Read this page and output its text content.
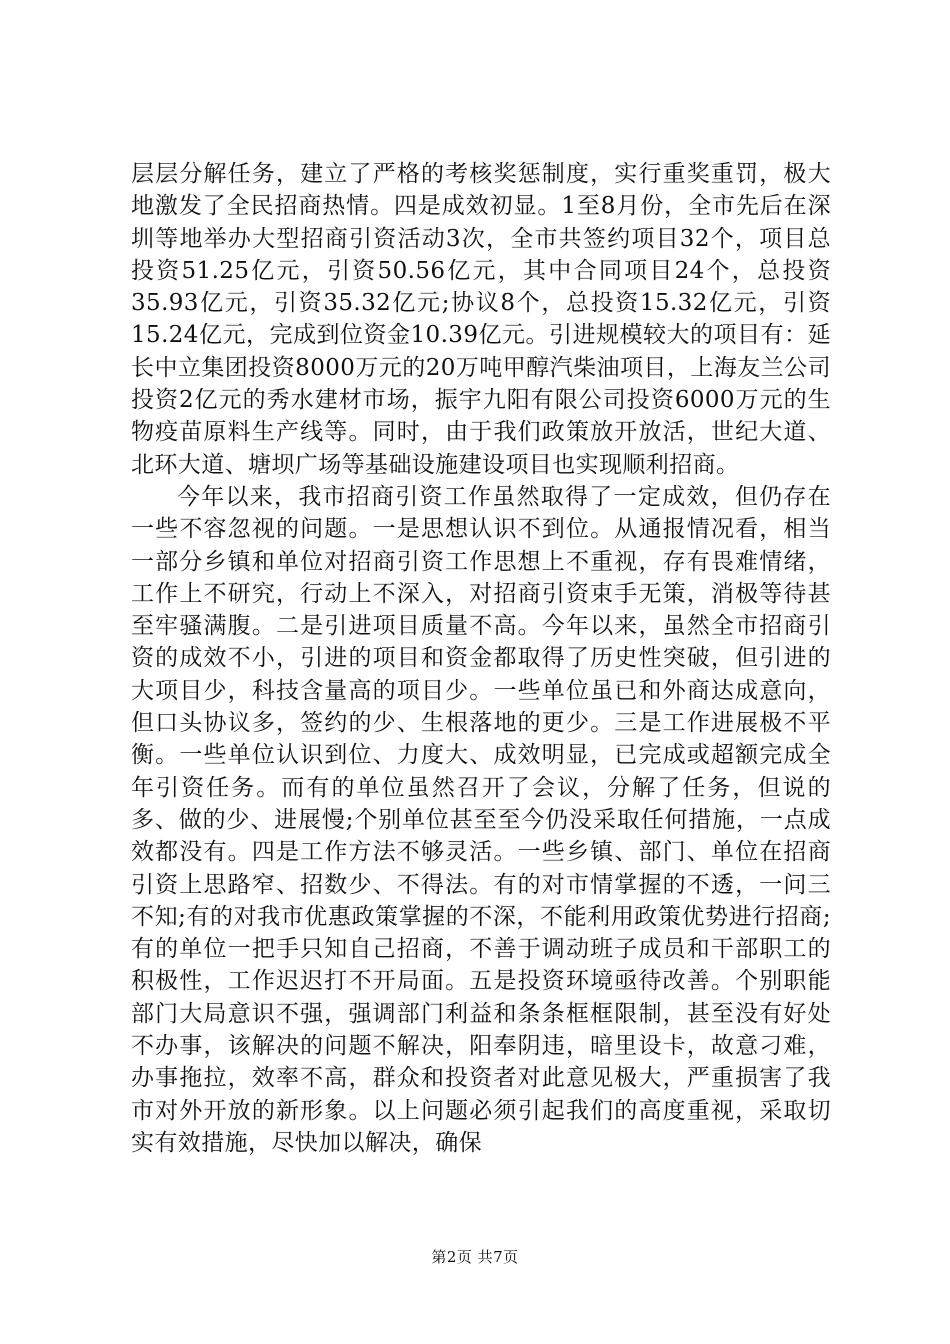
层层分解任务，建立了严格的考核奖惩制度，实行重奖重罚，极大地激发了全民招商热情。四是成效初显。1至8月份，全市先后在深圳等地举办大型招商引资活动3次，全市共签约项目32个，项目总投资51.25亿元，引资50.56亿元，其中合同项目24个，总投资35.93亿元，引资35.32亿元;协议8个，总投资15.32亿元，引资15.24亿元，完成到位资金10.39亿元。引进规模较大的项目有：延长中立集团投资8000万元的20万吨甲醇汽柴油项目，上海友兰公司投资2亿元的秀水建材市场，振宇九阳有限公司投资6000万元的生物疫苗原料生产线等。同时，由于我们政策放开放活，世纪大道、北环大道、塘坝广场等基础设施建设项目也实现顺利招商。

今年以来，我市招商引资工作虽然取得了一定成效，但仍存在一些不容忽视的问题。一是思想认识不到位。从通报情况看，相当一部分乡镇和单位对招商引资工作思想上不重视，存有畏难情绪，工作上不研究，行动上不深入，对招商引资束手无策，消极等待甚至牢骚满腹。二是引进项目质量不高。今年以来，虽然全市招商引资的成效不小，引进的项目和资金都取得了历史性突破，但引进的大项目少，科技含量高的项目少。一些单位虽已和外商达成意向，但口头协议多，签约的少、生根落地的更少。三是工作进展极不平衡。一些单位认识到位、力度大、成效明显，已完成或超额完成全年引资任务。而有的单位虽然召开了会议，分解了任务，但说的多、做的少、进展慢;个别单位甚至至今仍没采取任何措施，一点成效都没有。四是工作方法不够灵活。一些乡镇、部门、单位在招商引资上思路窄、招数少、不得法。有的对市情掌握的不透，一问三不知;有的对我市优惠政策掌握的不深，不能利用政策优势进行招商;有的单位一把手只知自己招商，不善于调动班子成员和干部职工的积极性，工作迟迟打不开局面。五是投资环境亟待改善。个别职能部门大局意识不强，强调部门利益和条条框框限制，甚至没有好处不办事，该解决的问题不解决，阳奉阴违，暗里设卡，故意刁难，办事拖拉，效率不高，群众和投资者对此意见极大，严重损害了我市对外开放的新形象。以上问题必须引起我们的高度重视，采取切实有效措施，尽快加以解决，确保

第2页 共7页
